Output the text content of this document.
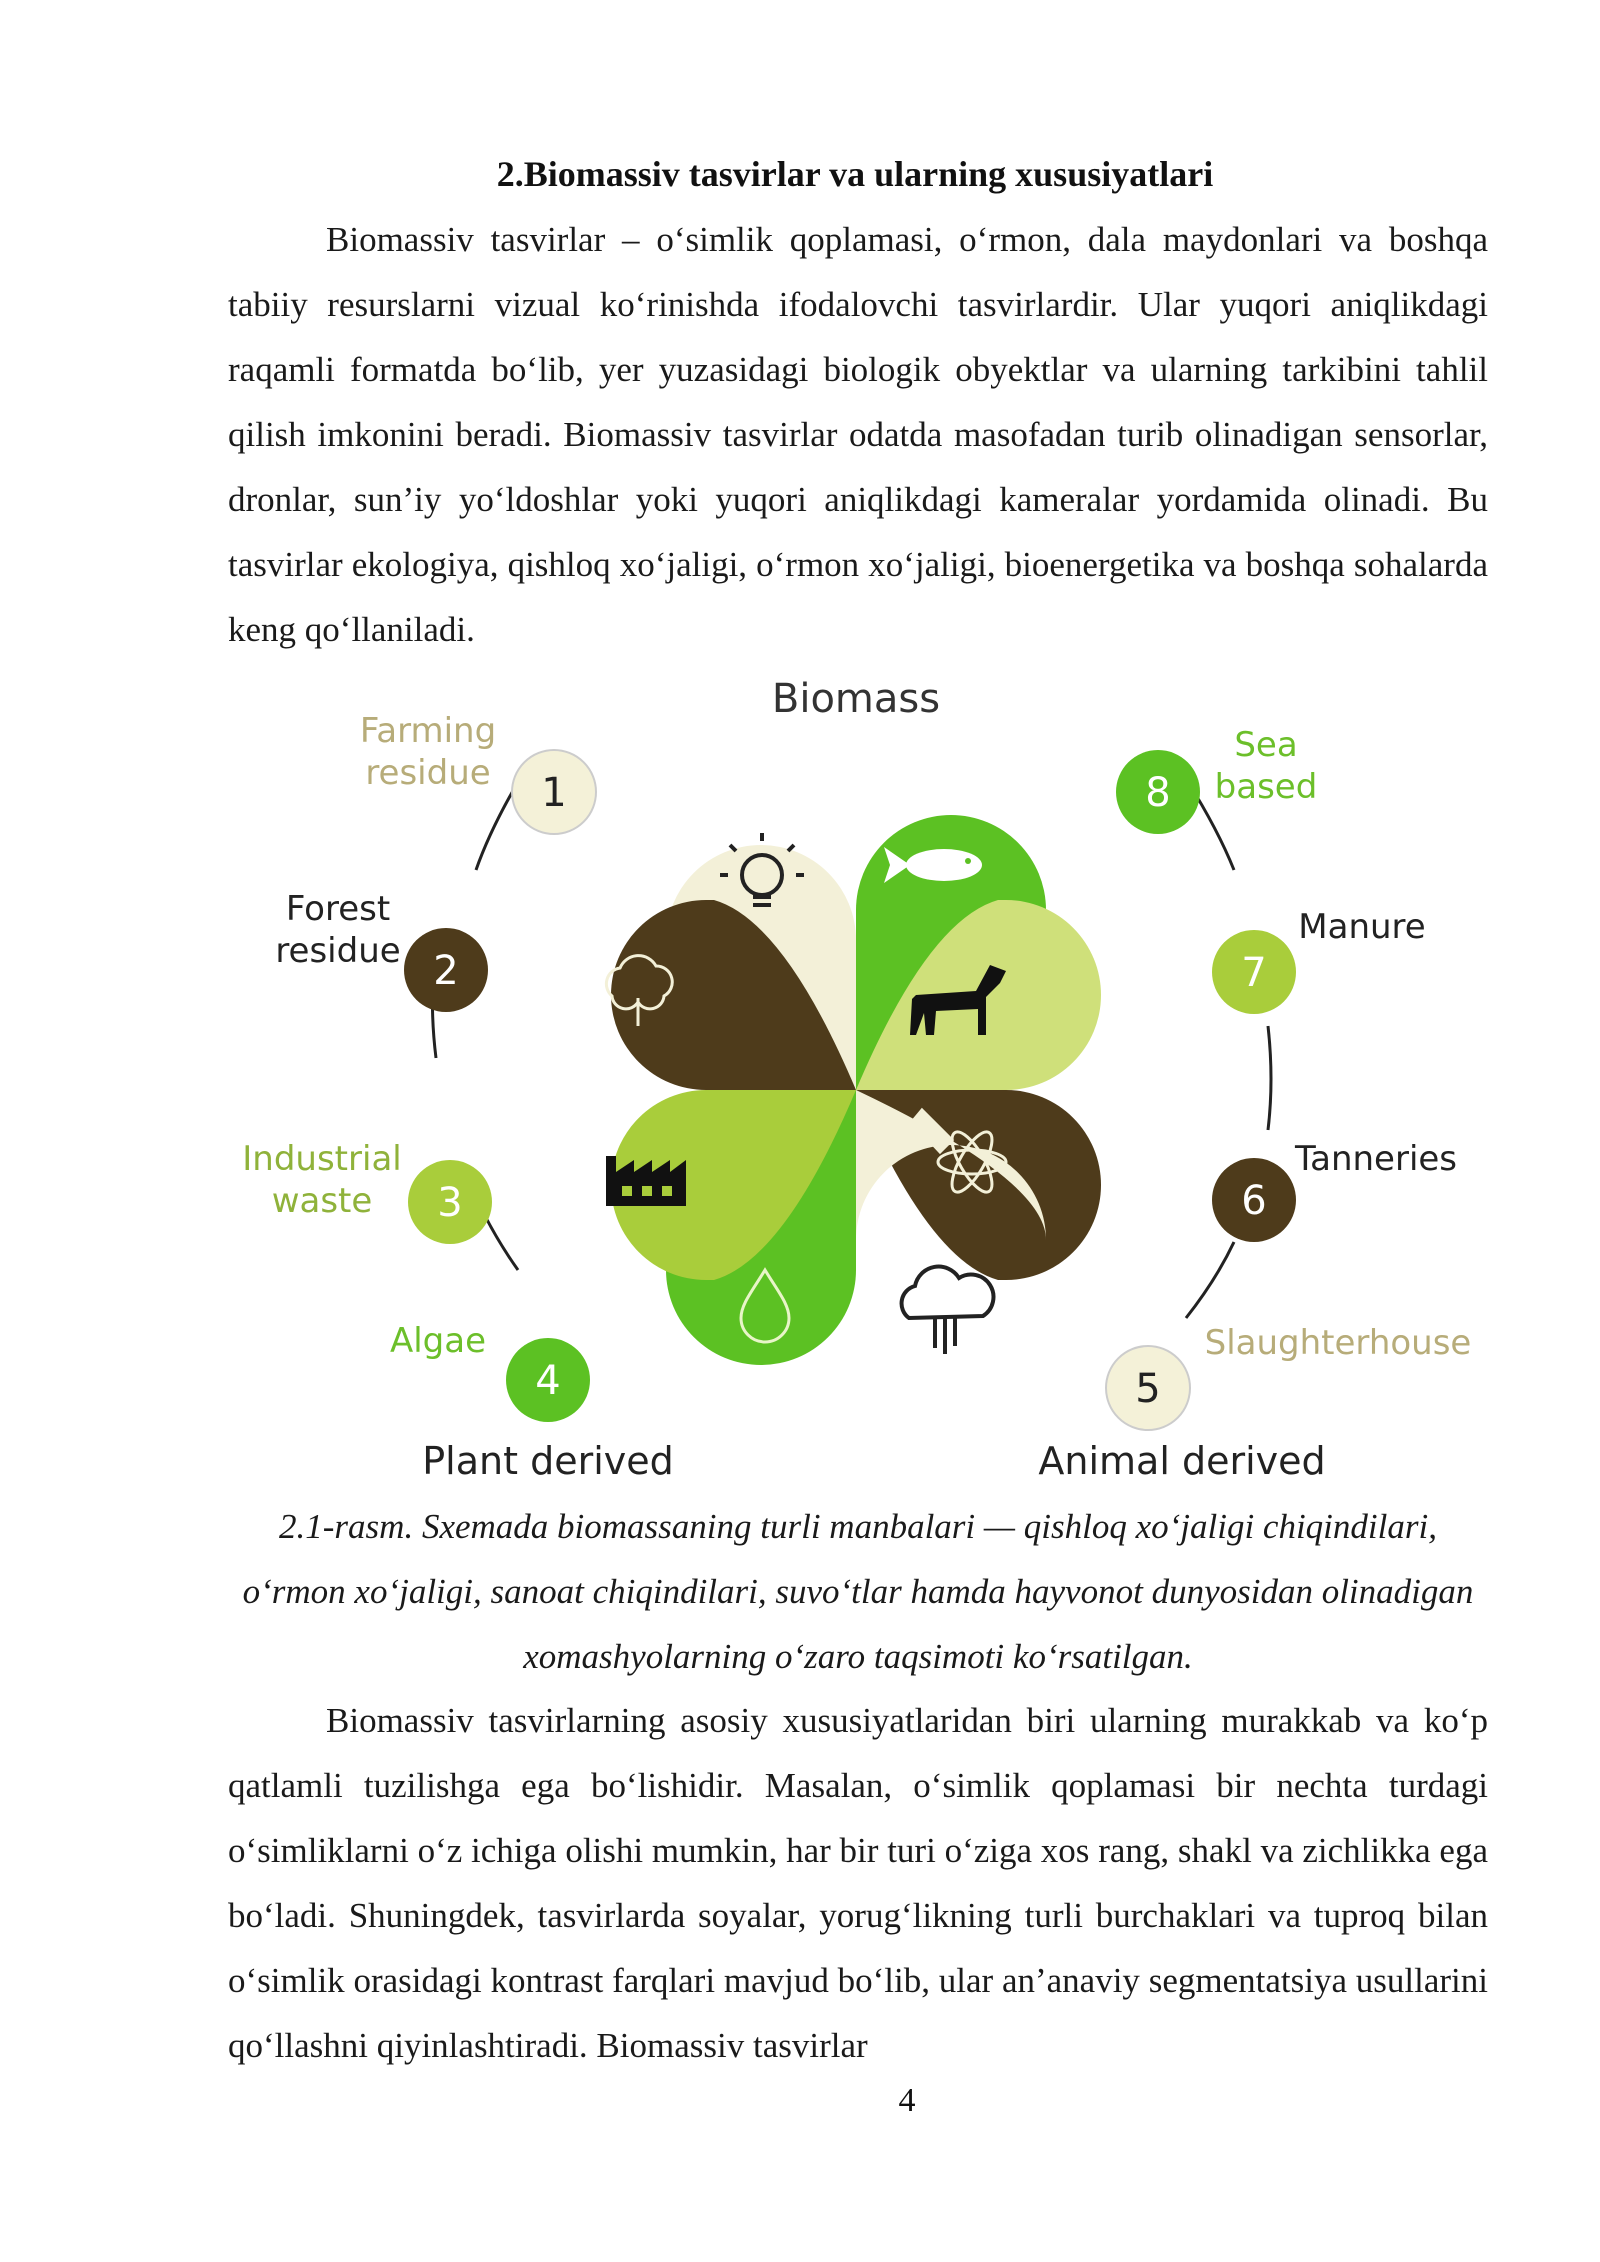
2.Biomassiv tasvirlar va ularning xususiyatlari

Biomassiv tasvirlar – o‘simlik qoplamasi, o‘rmon, dala maydonlari va boshqa tabiiy resurslarni vizual ko‘rinishda ifodalovchi tasvirlardir. Ular yuqori aniqlikdagi raqamli formatda bo‘lib, yer yuzasidagi biologik obyektlar va ularning tarkibini tahlil qilish imkonini beradi. Biomassiv tasvirlar odatda masofadan turib olinadigan sensorlar, dronlar, sun’iy yo‘ldoshlar yoki yuqori aniqlikdagi kameralar yordamida olinadi. Bu tasvirlar ekologiya, qishloq xo‘jaligi, o‘rmon xo‘jaligi, bioenergetika va boshqa sohalarda keng qo‘llaniladi.

Biomass
1
Farming
residue
2
Forest
residue
3
Industrial
waste
4
Algae
5
Slaughterhouse
6
Tanneries
7
Manure
8
Sea
based
Plant derived	Animal derived

2.1-rasm. Sxemada biomassaning turli manbalari — qishloq xo‘jaligi chiqindilari, o‘rmon xo‘jaligi, sanoat chiqindilari, suvo‘tlar hamda hayvonot dunyosidan olinadigan xomashyolarning o‘zaro taqsimoti ko‘rsatilgan.

Biomassiv tasvirlarning asosiy xususiyatlaridan biri ularning murakkab va ko‘p qatlamli tuzilishga ega bo‘lishidir. Masalan, o‘simlik qoplamasi bir nechta turdagi o‘simliklarni o‘z ichiga olishi mumkin, har bir turi o‘ziga xos rang, shakl va zichlikka ega bo‘ladi. Shuningdek, tasvirlarda soyalar, yorug‘likning turli burchaklari va tuproq bilan o‘simlik orasidagi kontrast farqlari mavjud bo‘lib, ular an’anaviy segmentatsiya usullarini qo‘llashni qiyinlashtiradi. Biomassiv tasvirlar

4
